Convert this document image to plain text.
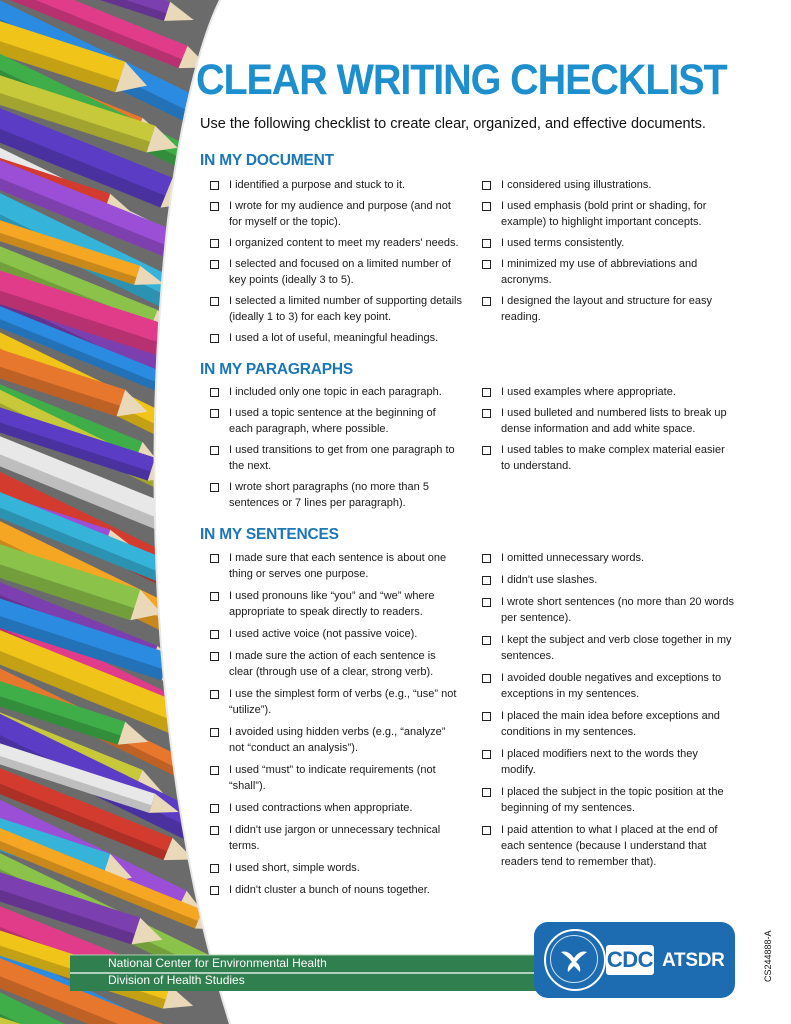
CLEAR WRITING CHECKLIST
Use the following checklist to create clear, organized, and effective documents.
IN MY DOCUMENT
I identified a purpose and stuck to it.
I wrote for my audience and purpose (and not for myself or the topic).
I organized content to meet my readers' needs.
I selected and focused on a limited number of key points (ideally 3 to 5).
I selected a limited number of supporting details (ideally 1 to 3) for each key point.
I used a lot of useful, meaningful headings.
I considered using illustrations.
I used emphasis (bold print or shading, for example) to highlight important concepts.
I used terms consistently.
I minimized my use of abbreviations and acronyms.
I designed the layout and structure for easy reading.
IN MY PARAGRAPHS
I included only one topic in each paragraph.
I used a topic sentence at the beginning of each paragraph, where possible.
I used transitions to get from one paragraph to the next.
I wrote short paragraphs (no more than 5 sentences or 7 lines per paragraph).
I used examples where appropriate.
I used bulleted and numbered lists to break up dense information and add white space.
I used tables to make complex material easier to understand.
IN MY SENTENCES
I made sure that each sentence is about one thing or serves one purpose.
I used pronouns like “you” and “we” where appropriate to speak directly to readers.
I used active voice (not passive voice).
I made sure the action of each sentence is clear (through use of a clear, strong verb).
I use the simplest form of verbs (e.g., “use” not “utilize”).
I avoided using hidden verbs (e.g., “analyze” not “conduct an analysis”).
I used “must” to indicate requirements (not “shall”).
I used contractions when appropriate.
I didn't use jargon or unnecessary technical terms.
I used short, simple words.
I didn't cluster a bunch of nouns together.
I omitted unnecessary words.
I didn't use slashes.
I wrote short sentences (no more than 20 words per sentence).
I kept the subject and verb close together in my sentences.
I avoided double negatives and exceptions to exceptions in my sentences.
I placed the main idea before exceptions and conditions in my sentences.
I placed modifiers next to the words they modify.
I placed the subject in the topic position at the beginning of my sentences.
I paid attention to what I placed at the end of each sentence (because I understand that readers tend to remember that).
National Center for Environmental Health
Division of Health Studies
CDC ATSDR	CS244888-A
